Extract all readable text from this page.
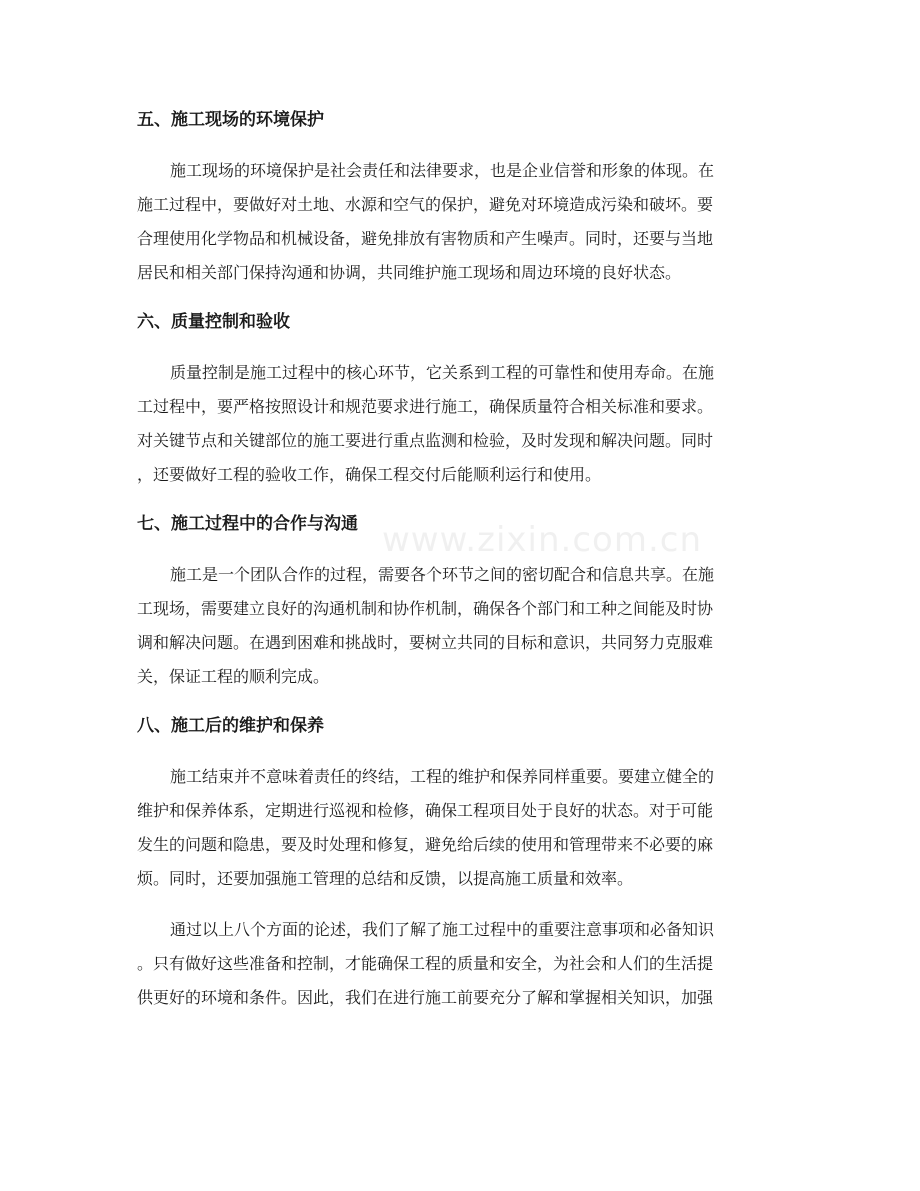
www.zixin.com.cn
五、施工现场的环境保护

施工现场的环境保护是社会责任和法律要求，也是企业信誉和形象的体现。在
施工过程中，要做好对土地、水源和空气的保护，避免对环境造成污染和破坏。要
合理使用化学物品和机械设备，避免排放有害物质和产生噪声。同时，还要与当地
居民和相关部门保持沟通和协调，共同维护施工现场和周边环境的良好状态。

六、质量控制和验收

质量控制是施工过程中的核心环节，它关系到工程的可靠性和使用寿命。在施
工过程中，要严格按照设计和规范要求进行施工，确保质量符合相关标准和要求。
对关键节点和关键部位的施工要进行重点监测和检验，及时发现和解决问题。同时
，还要做好工程的验收工作，确保工程交付后能顺利运行和使用。

七、施工过程中的合作与沟通

施工是一个团队合作的过程，需要各个环节之间的密切配合和信息共享。在施
工现场，需要建立良好的沟通机制和协作机制，确保各个部门和工种之间能及时协
调和解决问题。在遇到困难和挑战时，要树立共同的目标和意识，共同努力克服难
关，保证工程的顺利完成。

八、施工后的维护和保养

施工结束并不意味着责任的终结，工程的维护和保养同样重要。要建立健全的
维护和保养体系，定期进行巡视和检修，确保工程项目处于良好的状态。对于可能
发生的问题和隐患，要及时处理和修复，避免给后续的使用和管理带来不必要的麻
烦。同时，还要加强施工管理的总结和反馈，以提高施工质量和效率。

通过以上八个方面的论述，我们了解了施工过程中的重要注意事项和必备知识
。只有做好这些准备和控制，才能确保工程的质量和安全，为社会和人们的生活提
供更好的环境和条件。因此，我们在进行施工前要充分了解和掌握相关知识，加强
